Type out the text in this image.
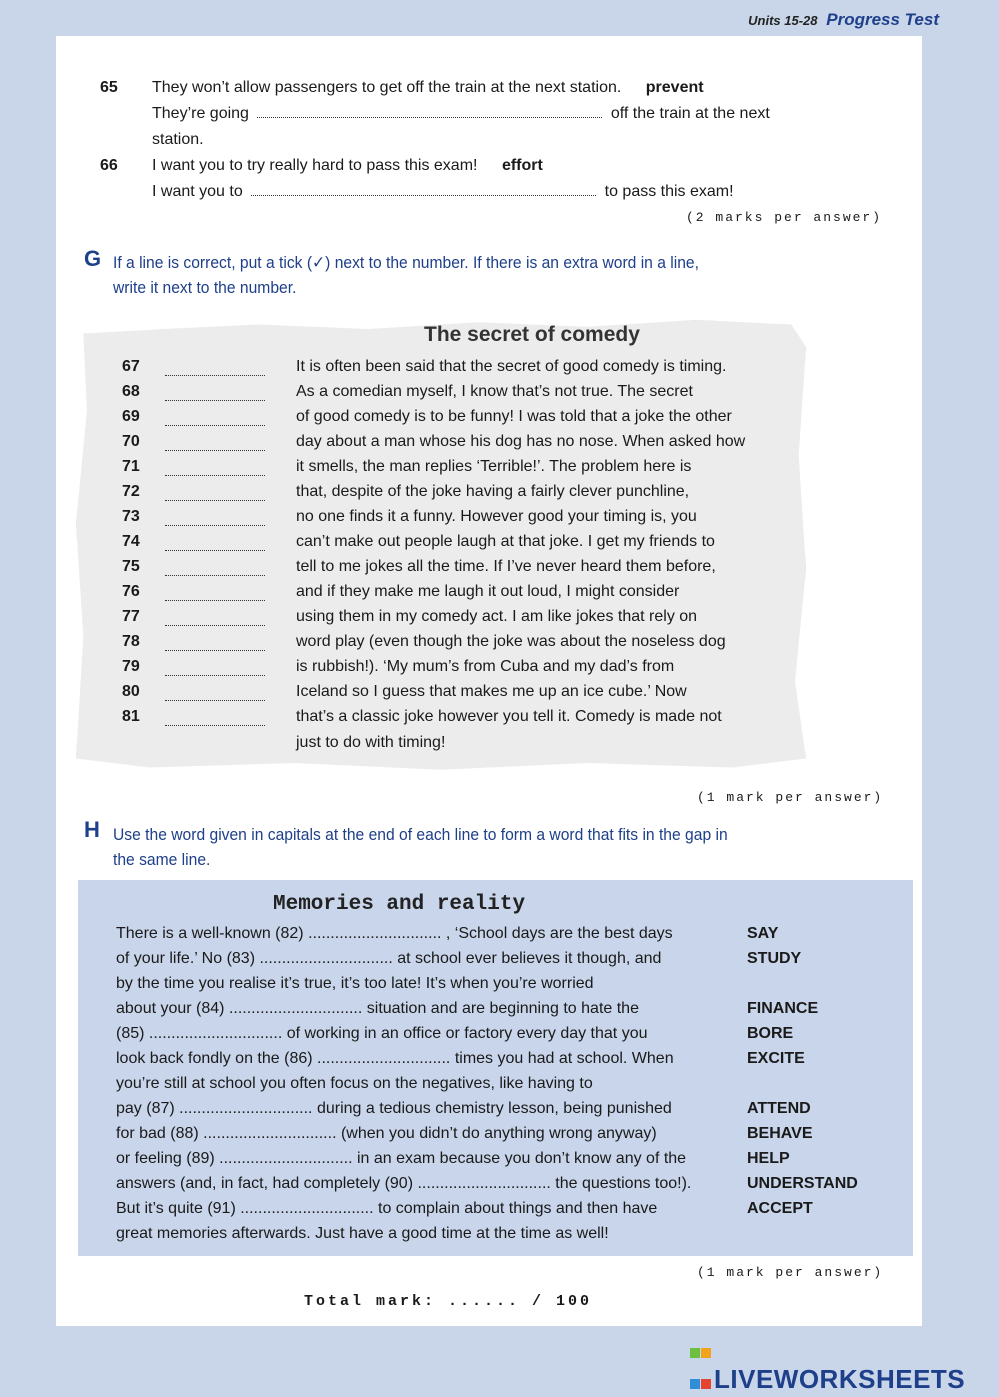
Units 15-28 Progress Test
65 They won’t allow passengers to get off the train at the next station. prevent
They’re going	off the train at the next
station.
66 I want you to try really hard to pass this exam! effort
I want you to	to pass this exam!
(2 marks per answer)
G If a line is correct, put a tick (✓) next to the number. If there is an extra word in a line,
write it next to the number.
The secret of comedy
67	It is often been said that the secret of good comedy is timing.
68	As a comedian myself, I know that’s not true. The secret
69	of good comedy is to be funny! I was told that a joke the other
70	day about a man whose his dog has no nose. When asked how
71	it smells, the man replies ‘Terrible!’. The problem here is
72	that, despite of the joke having a fairly clever punchline,
73	no one finds it a funny. However good your timing is, you
74	can’t make out people laugh at that joke. I get my friends to
75	tell to me jokes all the time. If I’ve never heard them before,
76	and if they make me laugh it out loud, I might consider
77	using them in my comedy act. I am like jokes that rely on
78	word play (even though the joke was about the noseless dog
79	is rubbish!). ‘My mum’s from Cuba and my dad’s from
80	Iceland so I guess that makes me up an ice cube.’ Now
81	that’s a classic joke however you tell it. Comedy is made not
just to do with timing!
(1 mark per answer)
H Use the word given in capitals at the end of each line to form a word that fits in the gap in
the same line.
Memories and reality
There is a well-known (82) .............................. , ‘School days are the best days	SAY
of your life.’ No (83) .............................. at school ever believes it though, and	STUDY
by the time you realise it’s true, it’s too late! It’s when you’re worried
about your (84) .............................. situation and are beginning to hate the	FINANCE
(85) .............................. of working in an office or factory every day that you	BORE
look back fondly on the (86) .............................. times you had at school. When	EXCITE
you’re still at school you often focus on the negatives, like having to
pay (87) .............................. during a tedious chemistry lesson, being punished	ATTEND
for bad (88) .............................. (when you didn’t do anything wrong anyway)	BEHAVE
or feeling (89) .............................. in an exam because you don’t know any of the	HELP
answers (and, in fact, had completely (90) .............................. the questions too!).	UNDERSTAND
But it’s quite (91) .............................. to complain about things and then have	ACCEPT
great memories afterwards. Just have a good time at the time as well!
(1 mark per answer)
Total mark: ...... / 100
LIVEWORKSHEETS
